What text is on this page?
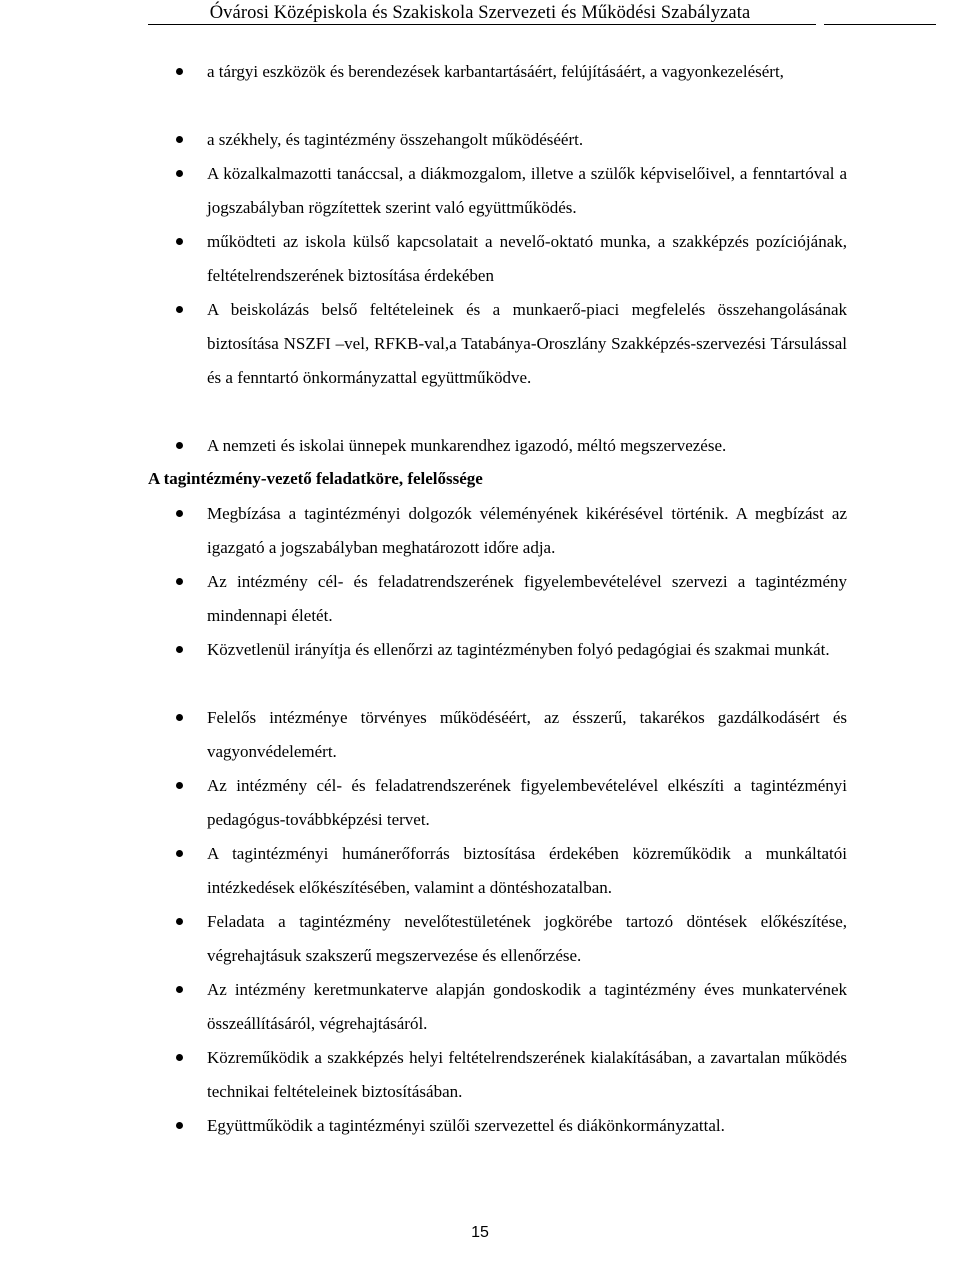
Óvárosi Középiskola és Szakiskola Szervezeti és Működési Szabályzata
a tárgyi eszközök és berendezések karbantartásáért, felújításáért, a vagyonkezelésért,
a székhely, és tagintézmény összehangolt működéséért.
A közalkalmazotti tanáccsal, a diákmozgalom, illetve a szülők képviselőivel, a fenntartóval a jogszabályban rögzítettek szerint való együttműködés.
működteti az iskola külső kapcsolatait a nevelő-oktató munka, a szakképzés pozíciójának, feltételrendszerének biztosítása érdekében
A beiskolázás belső feltételeinek és a munkaerő-piaci megfelelés összehangolásának biztosítása NSZFI –vel, RFKB-val,a Tatabánya-Oroszlány Szakképzés-szervezési Társulással és a fenntartó önkormányzattal együttműködve.
A nemzeti és iskolai ünnepek munkarendhez igazodó, méltó megszervezése.
A tagintézmény-vezető feladatköre, felelőssége
Megbízása a tagintézményi dolgozók véleményének kikérésével történik. A megbízást az igazgató a jogszabályban meghatározott időre adja.
Az intézmény cél- és feladatrendszerének figyelembevételével szervezi a tagintézmény mindennapi életét.
Közvetlenül irányítja és ellenőrzi az tagintézményben folyó pedagógiai és szakmai munkát.
Felelős intézménye törvényes működéséért, az ésszerű, takarékos gazdálkodásért és vagyonvédelemért.
Az intézmény cél- és feladatrendszerének figyelembevételével elkészíti a tagintézményi pedagógus-továbbképzési tervet.
A tagintézményi humánerőforrás biztosítása érdekében közreműködik a munkáltatói intézkedések előkészítésében, valamint a döntéshozatalban.
Feladata a tagintézmény nevelőtestületének jogkörébe tartozó döntések előkészítése, végrehajtásuk szakszerű megszervezése és ellenőrzése.
Az intézmény keretmunkaterve alapján gondoskodik a tagintézmény éves munkatervének összeállításáról, végrehajtásáról.
Közreműködik a szakképzés helyi feltételrendszerének kialakításában, a zavartalan működés technikai feltételeinek biztosításában.
Együttműködik a tagintézményi szülői szervezettel és diákönkormányzattal.
15
